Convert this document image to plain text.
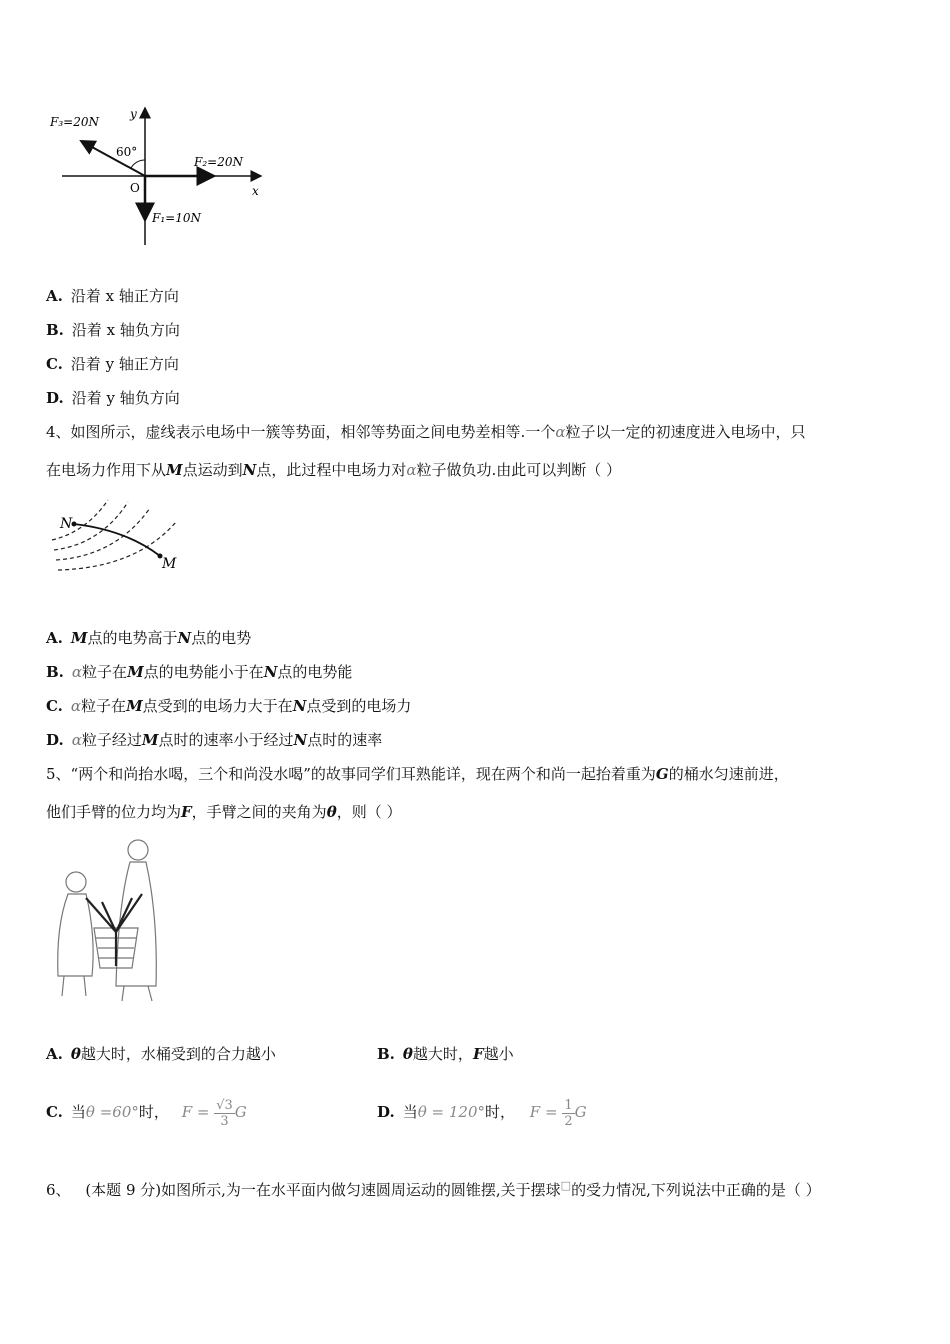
F₃=20N
60°
y
F₂=20N
O	x
F₁=10N
A. 沿着 x 轴正方向
B. 沿着 x 轴负方向
C. 沿着 y 轴正方向
D. 沿着 y 轴负方向
4、如图所示，虚线表示电场中一簇等势面，相邻等势面之间电势差相等.一个α粒子以一定的初速度进入电场中，只
在电场力作用下从M点运动到N点，此过程中电场力对α粒子做负功.由此可以判断（ ）
N
M
A. M点的电势高于N点的电势
B. α粒子在M点的电势能小于在N点的电势能
C. α粒子在M点受到的电场力大于在N点受到的电场力
D. α粒子经过M点时的速率小于经过N点时的速率
5、“两个和尚抬水喝，三个和尚没水喝”的故事同学们耳熟能详，现在两个和尚一起抬着重为G的桶水匀速前进，
他们手臂的位力均为F，手臂之间的夹角为θ，则（ ）
A. θ越大时，水桶受到的合力越小	B. θ越大时，F越小
C. 当θ =60°时， $F = \frac{√3}{3}$ G	D. 当θ = 120°时， $F = \frac{1}{2}$ G
6、 (本题 9 分)如图所示,为一在水平面内做匀速圆周运动的圆锥摆,关于摆球□的受力情况,下列说法中正确的是（ ）
